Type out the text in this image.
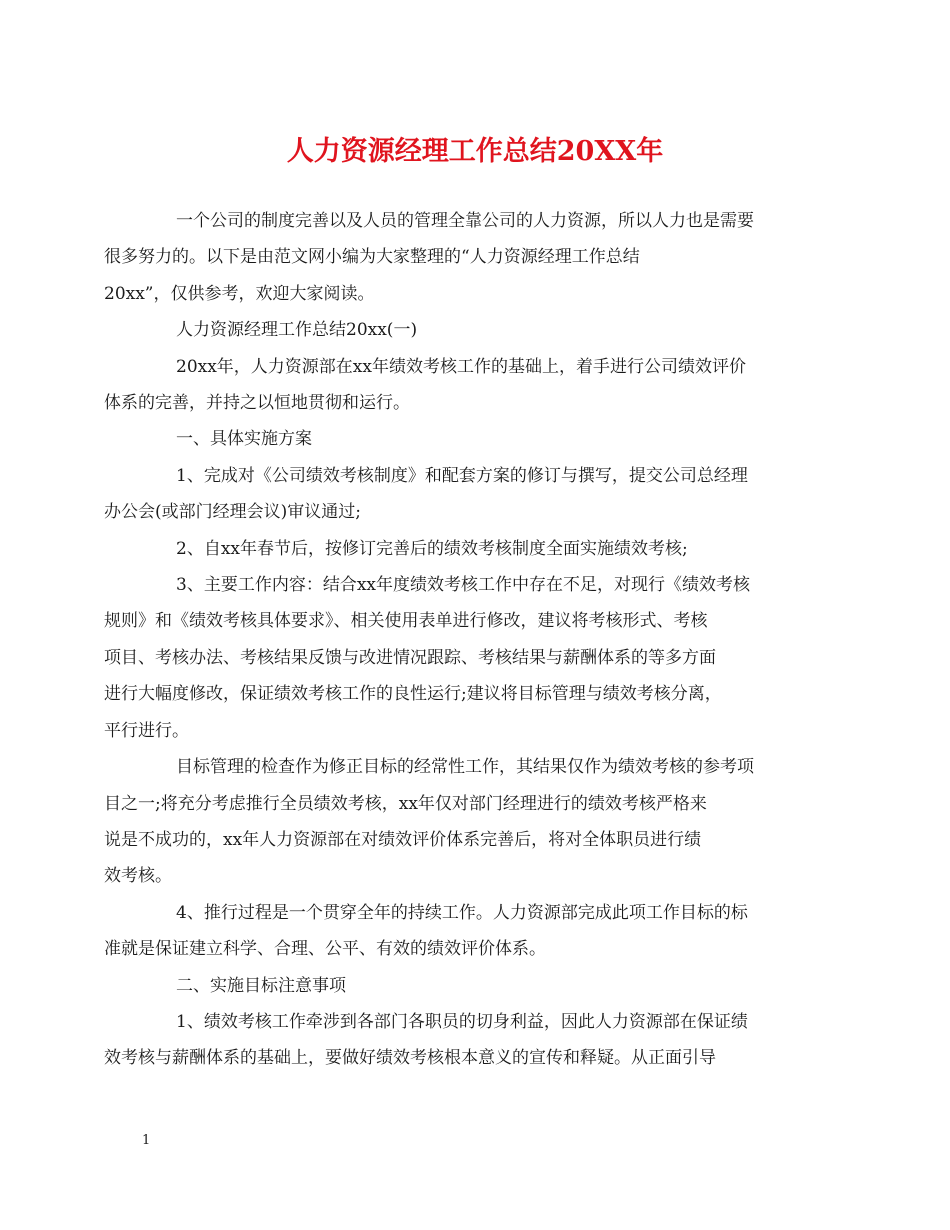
人力资源经理工作总结20XX年

一个公司的制度完善以及人员的管理全靠公司的人力资源，所以人力也是需要
很多努力的。以下是由范文网小编为大家整理的“人力资源经理工作总结
20xx”，仅供参考，欢迎大家阅读。

人力资源经理工作总结20xx(一)

20xx年，人力资源部在xx年绩效考核工作的基础上，着手进行公司绩效评价
体系的完善，并持之以恒地贯彻和运行。

一、具体实施方案

1、完成对《公司绩效考核制度》和配套方案的修订与撰写，提交公司总经理
办公会(或部门经理会议)审议通过;

2、自xx年春节后，按修订完善后的绩效考核制度全面实施绩效考核;

3、主要工作内容：结合xx年度绩效考核工作中存在不足，对现行《绩效考核
规则》和《绩效考核具体要求》、相关使用表单进行修改，建议将考核形式、考核
项目、考核办法、考核结果反馈与改进情况跟踪、考核结果与薪酬体系的等多方面
进行大幅度修改，保证绩效考核工作的良性运行;建议将目标管理与绩效考核分离，
平行进行。

目标管理的检查作为修正目标的经常性工作，其结果仅作为绩效考核的参考项
目之一;将充分考虑推行全员绩效考核，xx年仅对部门经理进行的绩效考核严格来
说是不成功的，xx年人力资源部在对绩效评价体系完善后，将对全体职员进行绩
效考核。

4、推行过程是一个贯穿全年的持续工作。人力资源部完成此项工作目标的标
准就是保证建立科学、合理、公平、有效的绩效评价体系。

二、实施目标注意事项

1、绩效考核工作牵涉到各部门各职员的切身利益，因此人力资源部在保证绩
效考核与薪酬体系的基础上，要做好绩效考核根本意义的宣传和释疑。从正面引导

1
